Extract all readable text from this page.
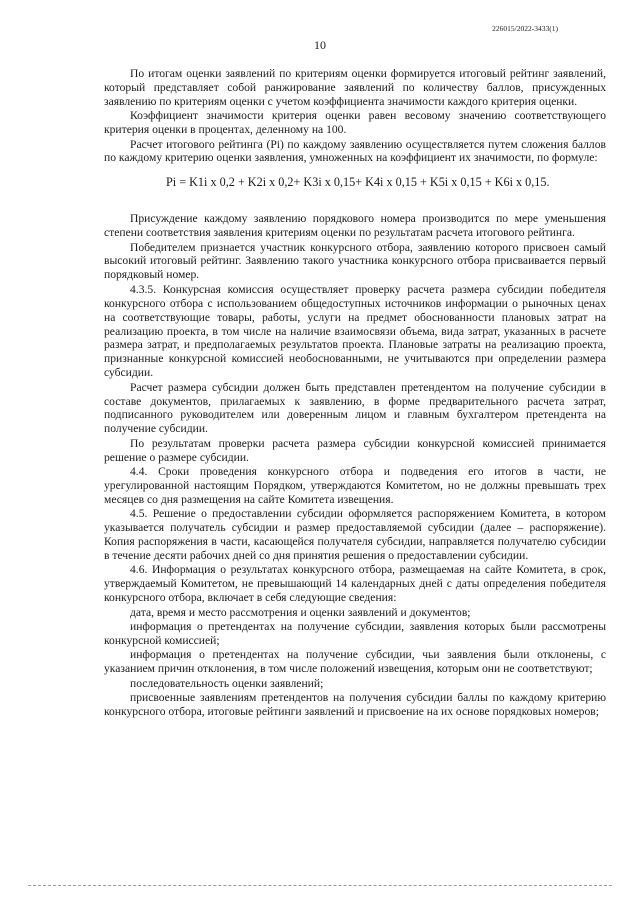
226015/2022-3433(1)
10

По итогам оценки заявлений по критериям оценки формируется итоговый рейтинг заявлений, который представляет собой ранжирование заявлений по количеству баллов, присужденных заявлению по критериям оценки с учетом коэффициента значимости каждого критерия оценки.

Коэффициент значимости критерия оценки равен весовому значению соответствующего критерия оценки в процентах, деленному на 100.

Расчет итогового рейтинга (Pi) по каждому заявлению осуществляется путем сложения баллов по каждому критерию оценки заявления, умноженных на коэффициент их значимости, по формуле:

Pi = K1i x 0,2 + K2i x 0,2+ K3i x 0,15+ K4i x 0,15 + K5i x 0,15 + K6i x 0,15.

Присуждение каждому заявлению порядкового номера производится по мере уменьшения степени соответствия заявления критериям оценки по результатам расчета итогового рейтинга.

Победителем признается участник конкурсного отбора, заявлению которого присвоен самый высокий итоговый рейтинг. Заявлению такого участника конкурсного отбора присваивается первый порядковый номер.

4.3.5. Конкурсная комиссия осуществляет проверку расчета размера субсидии победителя конкурсного отбора с использованием общедоступных источников информации о рыночных ценах на соответствующие товары, работы, услуги на предмет обоснованности плановых затрат на реализацию проекта, в том числе на наличие взаимосвязи объема, вида затрат, указанных в расчете размера затрат, и предполагаемых результатов проекта. Плановые затраты на реализацию проекта, признанные конкурсной комиссией необоснованными, не учитываются при определении размера субсидии.

Расчет размера субсидии должен быть представлен претендентом на получение субсидии в составе документов, прилагаемых к заявлению, в форме предварительного расчета затрат, подписанного руководителем или доверенным лицом и главным бухгалтером претендента на получение субсидии.

По результатам проверки расчета размера субсидии конкурсной комиссией принимается решение о размере субсидии.

4.4. Сроки проведения конкурсного отбора и подведения его итогов в части, не урегулированной настоящим Порядком, утверждаются Комитетом, но не должны превышать трех месяцев со дня размещения на сайте Комитета извещения.

4.5. Решение о предоставлении субсидии оформляется распоряжением Комитета, в котором указывается получатель субсидии и размер предоставляемой субсидии (далее – распоряжение). Копия распоряжения в части, касающейся получателя субсидии, направляется получателю субсидии в течение десяти рабочих дней со дня принятия решения о предоставлении субсидии.

4.6. Информация о результатах конкурсного отбора, размещаемая на сайте Комитета, в срок, утверждаемый Комитетом, не превышающий 14 календарных дней с даты определения победителя конкурсного отбора, включает в себя следующие сведения:

дата, время и место рассмотрения и оценки заявлений и документов;

информация о претендентах на получение субсидии, заявления которых были рассмотрены конкурсной комиссией;

информация о претендентах на получение субсидии, чьи заявления были отклонены, с указанием причин отклонения, в том числе положений извещения, которым они не соответствуют;

последовательность оценки заявлений;

присвоенные заявлениям претендентов на получения субсидии баллы по каждому критерию конкурсного отбора, итоговые рейтинги заявлений и присвоение на их основе порядковых номеров;
